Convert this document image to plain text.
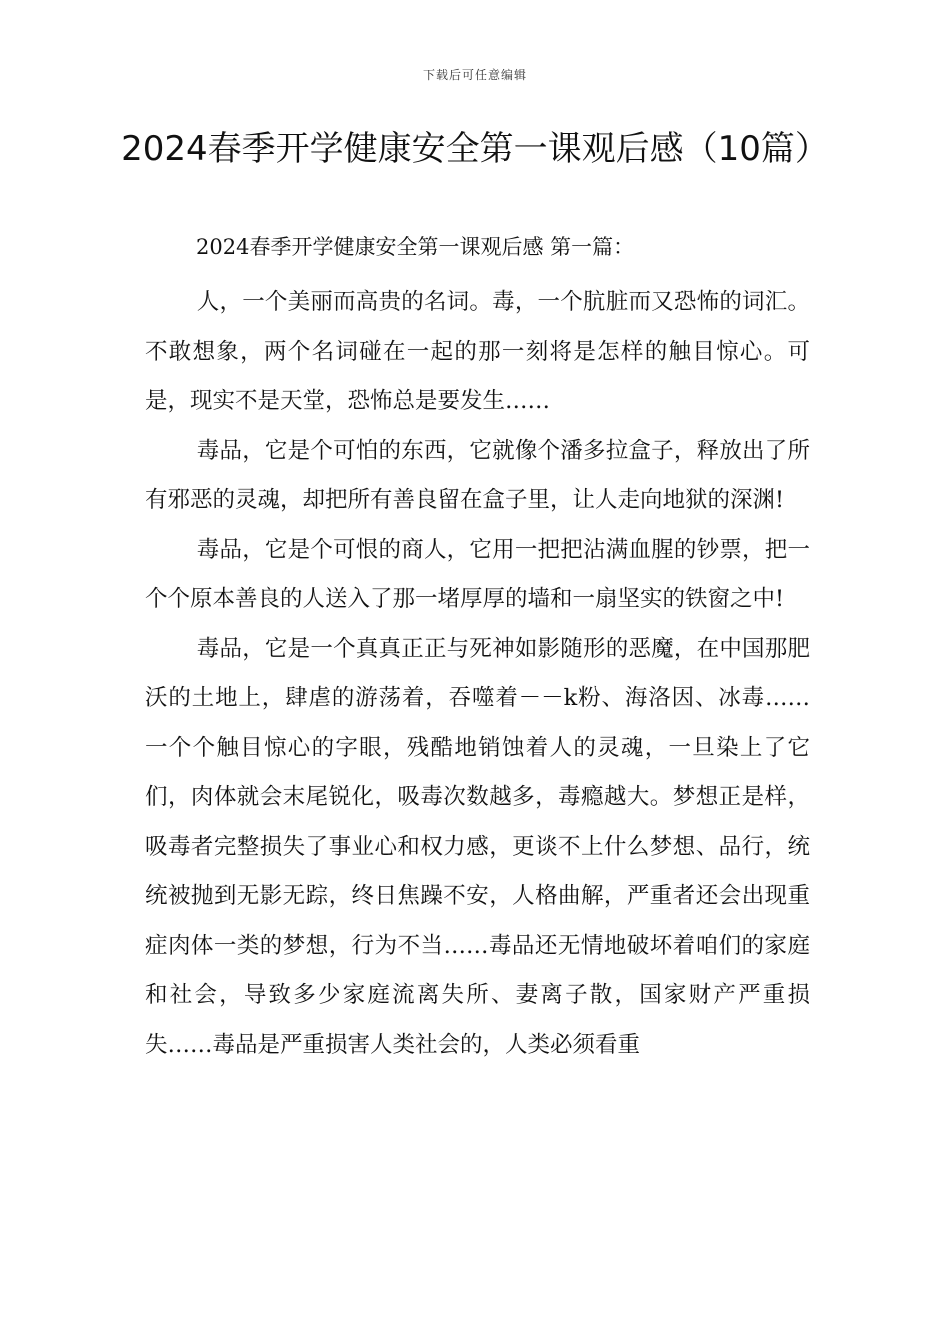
下载后可任意编辑
2024春季开学健康安全第一课观后感（10篇）
2024春季开学健康安全第一课观后感 第一篇：

人，一个美丽而高贵的名词。毒，一个肮脏而又恐怖的词汇。不敢想象，两个名词碰在一起的那一刻将是怎样的触目惊心。可是，现实不是天堂，恐怖总是要发生……

毒品，它是个可怕的东西，它就像个潘多拉盒子，释放出了所有邪恶的灵魂，却把所有善良留在盒子里，让人走向地狱的深渊!

毒品，它是个可恨的商人，它用一把把沾满血腥的钞票，把一个个原本善良的人送入了那一堵厚厚的墙和一扇坚实的铁窗之中!

毒品，它是一个真真正正与死神如影随形的恶魔，在中国那肥沃的土地上，肆虐的游荡着，吞噬着－－k粉、海洛因、冰毒……一个个触目惊心的字眼，残酷地销蚀着人的灵魂，一旦染上了它们，肉体就会末尾锐化，吸毒次数越多，毒瘾越大。梦想正是样，吸毒者完整损失了事业心和权力感，更谈不上什么梦想、品行，统统被抛到无影无踪，终日焦躁不安，人格曲解，严重者还会出现重症肉体一类的梦想，行为不当……毒品还无情地破坏着咱们的家庭和社会，导致多少家庭流离失所、妻离子散，国家财产严重损失……毒品是严重损害人类社会的，人类必须看重
